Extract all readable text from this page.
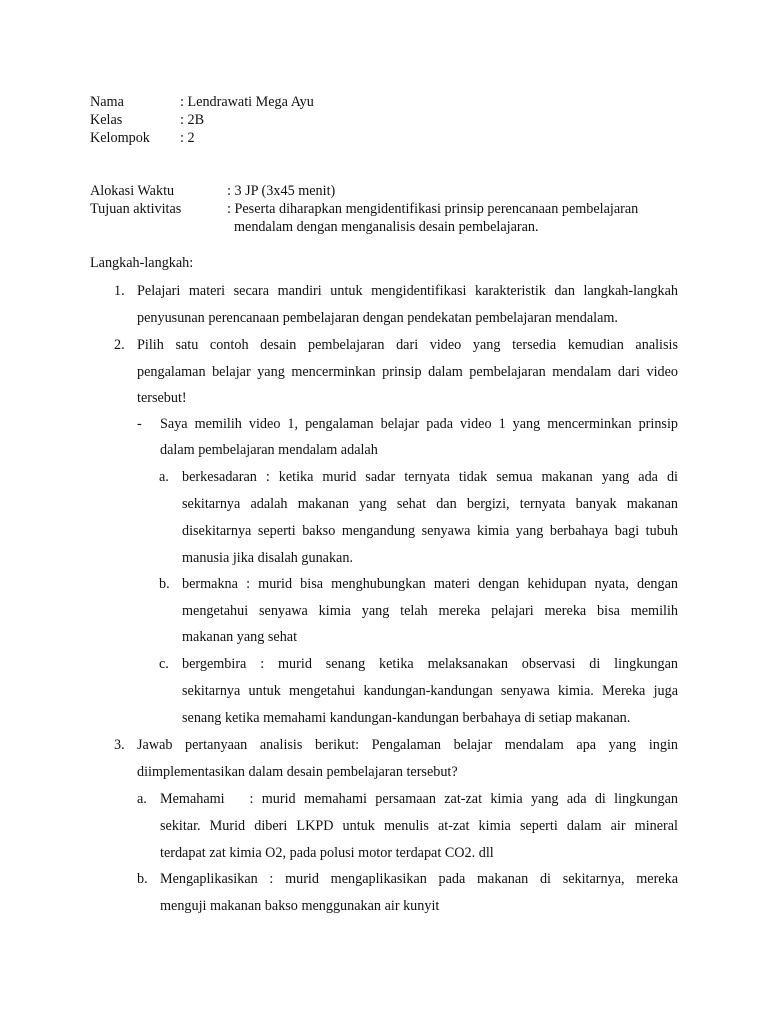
Nama	: Lendrawati Mega Ayu
Kelas	: 2B
Kelompok : 2
Alokasi Waktu	: 3 JP (3x45 menit)
Tujuan aktivitas	: Peserta diharapkan mengidentifikasi prinsip perencanaan pembelajaran
mendalam dengan menganalisis desain pembelajaran.
Langkah-langkah:
1. Pelajari materi secara mandiri untuk mengidentifikasi karakteristik dan langkah-langkah
penyusunan perencanaan pembelajaran dengan pendekatan pembelajaran mendalam.
2. Pilih satu contoh desain pembelajaran dari video yang tersedia kemudian analisis
pengalaman belajar yang mencerminkan prinsip dalam pembelajaran mendalam dari video
tersebut!
- Saya memilih video 1, pengalaman belajar pada video 1 yang mencerminkan prinsip
dalam pembelajaran mendalam adalah
a. berkesadaran : ketika murid sadar ternyata tidak semua makanan yang ada di
sekitarnya adalah makanan yang sehat dan bergizi, ternyata banyak makanan
disekitarnya seperti bakso mengandung senyawa kimia yang berbahaya bagi tubuh
manusia jika disalah gunakan.
b. bermakna : murid bisa menghubungkan materi dengan kehidupan nyata, dengan
mengetahui senyawa kimia yang telah mereka pelajari mereka bisa memilih
makanan yang sehat
c. bergembira : murid senang ketika melaksanakan observasi di lingkungan
sekitarnya untuk mengetahui kandungan-kandungan senyawa kimia. Mereka juga
senang ketika memahami kandungan-kandungan berbahaya di setiap makanan.
3. Jawab pertanyaan analisis berikut: Pengalaman belajar mendalam apa yang ingin
diimplementasikan dalam desain pembelajaran tersebut?
a. Memahami   : murid memahami persamaan zat-zat kimia yang ada di lingkungan
sekitar. Murid diberi LKPD untuk menulis at-zat kimia seperti dalam air mineral
terdapat zat kimia O2, pada polusi motor terdapat CO2. dll
b. Mengaplikasikan : murid mengaplikasikan pada makanan di sekitarnya, mereka
menguji makanan bakso menggunakan air kunyit
